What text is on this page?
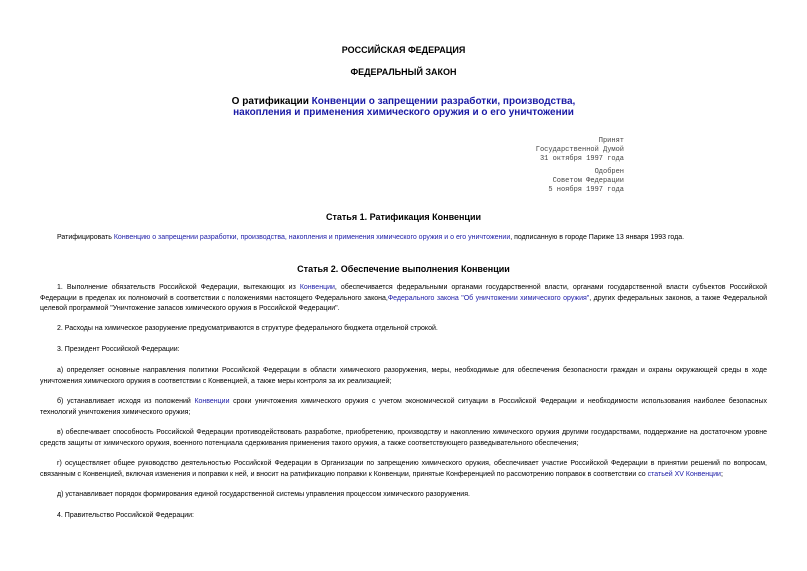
РОССИЙСКАЯ ФЕДЕРАЦИЯ
ФЕДЕРАЛЬНЫЙ ЗАКОН
О ратификации Конвенции о запрещении разработки, производства,
накопления и применения химического оружия и о его уничтожении
Принят
Государственной Думой
31 октября 1997 года
Одобрен
Советом Федерации
5 ноября 1997 года
Статья 1. Ратификация Конвенции
Ратифицировать Конвенцию о запрещении разработки, производства, накопления и применения химического оружия и о его уничтожении, подписанную в городе Париже 13 января 1993 года.
Статья 2. Обеспечение выполнения Конвенции
1. Выполнение обязательств Российской Федерации, вытекающих из Конвенции, обеспечивается федеральными органами государственной власти, органами государственной власти субъектов Российской Федерации в пределах их полномочий в соответствии с положениями настоящего Федерального закона,Федерального закона "Об уничтожении химического оружия", других федеральных законов, а также Федеральной целевой программой "Уничтожение запасов химического оружия в Российской Федерации".
2. Расходы на химическое разоружение предусматриваются в структуре федерального бюджета отдельной строкой.
3. Президент Российской Федерации:
а) определяет основные направления политики Российской Федерации в области химического разоружения, меры, необходимые для обеспечения безопасности граждан и охраны окружающей среды в ходе уничтожения химического оружия в соответствии с Конвенцией, а также меры контроля за их реализацией;
б) устанавливает исходя из положений Конвенции сроки уничтожения химического оружия с учетом экономической ситуации в Российской Федерации и необходимости использования наиболее безопасных технологий уничтожения химического оружия;
в) обеспечивает способность Российской Федерации противодействовать разработке, приобретению, производству и накоплению химического оружия другими государствами, поддержание на достаточном уровне средств защиты от химического оружия, военного потенциала сдерживания применения такого оружия, а также соответствующего разведывательного обеспечения;
г) осуществляет общее руководство деятельностью Российской Федерации в Организации по запрещению химического оружия, обеспечивает участие Российской Федерации в принятии решений по вопросам, связанным с Конвенцией, включая изменения и поправки к ней, и вносит на ратификацию поправки к Конвенции, принятые Конференцией по рассмотрению поправок в соответствии со статьей XV Конвенции;
д) устанавливает порядок формирования единой государственной системы управления процессом химического разоружения.
4. Правительство Российской Федерации:
